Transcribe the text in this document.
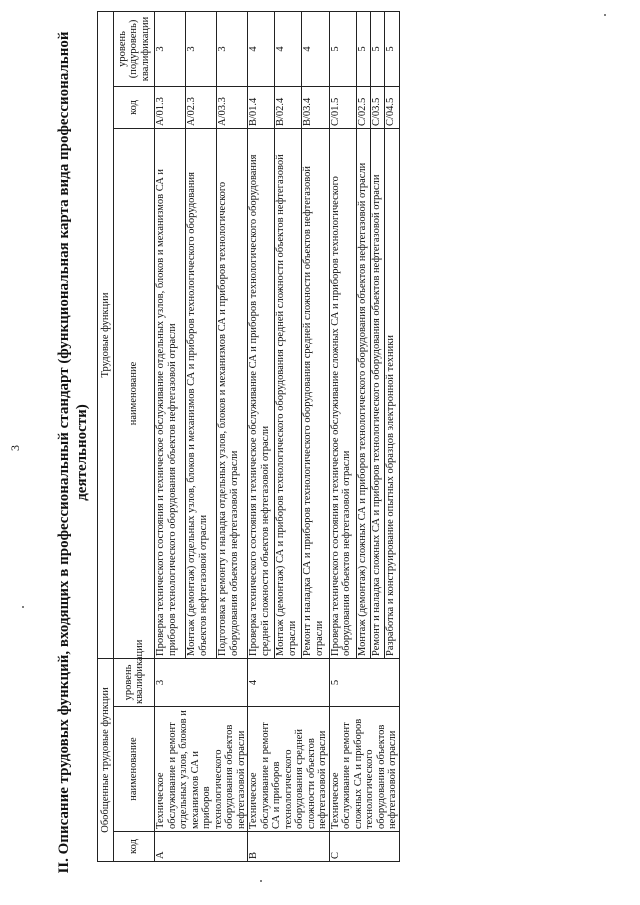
3 II. Описание трудовых функций, входящих в профессиональный стандарт (функциональная карта вида профессиональной деятельности)
Обобщенные трудовые функции			Трудовые функции		
код	наименование	уровень квалификации	наименование	код	уровень (подуровень) квалификации
A	Техническое обслуживание и ремонт отдельных узлов, блоков и механизмов СА и приборов технологического оборудования объектов нефтегазовой отрасли	3	Проверка технического состояния и техническое обслуживание отдельных узлов, блоков и механизмов СА и приборов технологического оборудования объектов нефтегазовой отрасли	A/01.3	3
			Монтаж (демонтаж) отдельных узлов, блоков и механизмов СА и приборов технологического оборудования объектов нефтегазовой отрасли	A/02.3	3
			Подготовка к ремонту и наладка отдельных узлов, блоков и механизмов СА и приборов технологического оборудования объектов нефтегазовой отрасли	A/03.3	3
B	Техническое обслуживание и ремонт СА и приборов технологического оборудования средней сложности объектов нефтегазовой отрасли	4	Проверка технического состояния и техническое обслуживание СА и приборов технологического оборудования средней сложности объектов нефтегазовой отрасли	B/01.4	4
			Монтаж (демонтаж) СА и приборов технологического оборудования средней сложности объектов нефтегазовой отрасли	B/02.4	4
			Ремонт и наладка СА и приборов технологического оборудования средней сложности объектов нефтегазовой отрасли	B/03.4	4
C	Техническое обслуживание и ремонт сложных СА и приборов технологического оборудования объектов нефтегазовой отрасли	5	Проверка технического состояния и техническое обслуживание сложных СА и приборов технологического оборудования объектов нефтегазовой отрасли	C/01.5	5
			Монтаж (демонтаж) сложных СА и приборов технологического оборудования объектов нефтегазовой отрасли	C/02.5	5
			Ремонт и наладка сложных СА и приборов технологического оборудования объектов нефтегазовой отрасли	C/03.5	5
			Разработка и конструирование опытных образцов электронной техники	C/04.5	5
